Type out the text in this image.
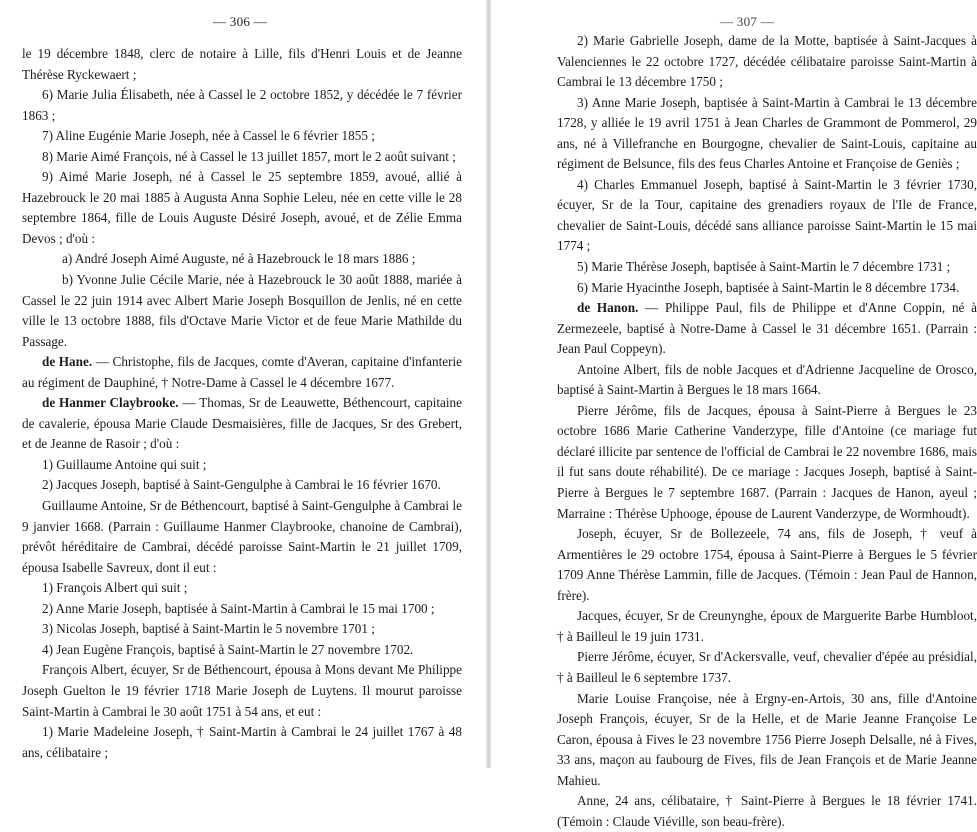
— 306 —

le 19 décembre 1848, clerc de notaire à Lille, fils d'Henri Louis et de Jeanne Thérèse Ryckewaert ;

6) Marie Julia Élisabeth, née à Cassel le 2 octobre 1852, y décédée le 7 février 1863 ;

7) Aline Eugénie Marie Joseph, née à Cassel le 6 février 1855 ;

8) Marie Aimé François, né à Cassel le 13 juillet 1857, mort le 2 août suivant ;

9) Aimé Marie Joseph, né à Cassel le 25 septembre 1859, avoué, allié à Hazebrouck le 20 mai 1885 à Augusta Anna Sophie Leleu, née en cette ville le 28 septembre 1864, fille de Louis Auguste Désiré Joseph, avoué, et de Zélie Emma Devos ; d'où :

a) André Joseph Aimé Auguste, né à Hazebrouck le 18 mars 1886 ;

b) Yvonne Julie Cécile Marie, née à Hazebrouck le 30 août 1888, mariée à Cassel le 22 juin 1914 avec Albert Marie Joseph Bosquillon de Jenlis, né en cette ville le 13 octobre 1888, fils d'Octave Marie Victor et de feue Marie Mathilde du Passage.

de Hane. — Christophe, fils de Jacques, comte d'Averan, capitaine d'infanterie au régiment de Dauphiné, † Notre-Dame à Cassel le 4 décembre 1677.

de Hanmer Claybrooke. — Thomas, Sr de Leauwette, Béthencourt, capitaine de cavalerie, épousa Marie Claude Desmaisières, fille de Jacques, Sr des Grebert, et de Jeanne de Rasoir ; d'où :

1) Guillaume Antoine qui suit ;

2) Jacques Joseph, baptisé à Saint-Gengulphe à Cambrai le 16 février 1670.

Guillaume Antoine, Sr de Béthencourt, baptisé à Saint-Gengulphe à Cambrai le 9 janvier 1668. (Parrain : Guillaume Hanmer Claybrooke, chanoine de Cambrai), prévôt héréditaire de Cambrai, décédé paroisse Saint-Martin le 21 juillet 1709, épousa Isabelle Savreux, dont il eut :

1) François Albert qui suit ;

2) Anne Marie Joseph, baptisée à Saint-Martin à Cambrai le 15 mai 1700 ;

3) Nicolas Joseph, baptisé à Saint-Martin le 5 novembre 1701 ;

4) Jean Eugène François, baptisé à Saint-Martin le 27 novembre 1702.

François Albert, écuyer, Sr de Béthencourt, épousa à Mons devant Me Philippe Joseph Guelton le 19 février 1718 Marie Joseph de Luytens. Il mourut paroisse Saint-Martin à Cambrai le 30 août 1751 à 54 ans, et eut :

1) Marie Madeleine Joseph, † Saint-Martin à Cambrai le 24 juillet 1767 à 48 ans, célibataire ;

— 307 —

2) Marie Gabrielle Joseph, dame de la Motte, baptisée à Saint-Jacques à Valenciennes le 22 octobre 1727, décédée célibataire paroisse Saint-Martin à Cambrai le 13 décembre 1750 ;

3) Anne Marie Joseph, baptisée à Saint-Martin à Cambrai le 13 décembre 1728, y alliée le 19 avril 1751 à Jean Charles de Grammont de Pommerol, 29 ans, né à Villefranche en Bourgogne, chevalier de Saint-Louis, capitaine au régiment de Belsunce, fils des feus Charles Antoine et Françoise de Geniès ;

4) Charles Emmanuel Joseph, baptisé à Saint-Martin le 3 février 1730, écuyer, Sr de la Tour, capitaine des grenadiers royaux de l'Ile de France, chevalier de Saint-Louis, décédé sans alliance paroisse Saint-Martin le 15 mai 1774 ;

5) Marie Thérèse Joseph, baptisée à Saint-Martin le 7 décembre 1731 ;

6) Marie Hyacinthe Joseph, baptisée à Saint-Martin le 8 décembre 1734.

de Hanon. — Philippe Paul, fils de Philippe et d'Anne Coppin, né à Zermezeele, baptisé à Notre-Dame à Cassel le 31 décembre 1651. (Parrain : Jean Paul Coppeyn).

Antoine Albert, fils de noble Jacques et d'Adrienne Jacqueline de Orosco, baptisé à Saint-Martin à Bergues le 18 mars 1664.

Pierre Jérôme, fils de Jacques, épousa à Saint-Pierre à Bergues le 23 octobre 1686 Marie Catherine Vanderzype, fille d'Antoine (ce mariage fut déclaré illicite par sentence de l'official de Cambrai le 22 novembre 1686, mais il fut sans doute réhabilité). De ce mariage : Jacques Joseph, baptisé à Saint-Pierre à Bergues le 7 septembre 1687. (Parrain : Jacques de Hanon, ayeul ; Marraine : Thérèse Uphooge, épouse de Laurent Vanderzype, de Wormhoudt).

Joseph, écuyer, Sr de Bollezeele, 74 ans, fils de Joseph, † veuf à Armentières le 29 octobre 1754, épousa à Saint-Pierre à Bergues le 5 février 1709 Anne Thérèse Lammin, fille de Jacques. (Témoin : Jean Paul de Hannon, frère).

Jacques, écuyer, Sr de Creunynghe, époux de Marguerite Barbe Humbloot, † à Bailleul le 19 juin 1731.

Pierre Jérôme, écuyer, Sr d'Ackersvalle, veuf, chevalier d'épée au présidial, † à Bailleul le 6 septembre 1737.

Marie Louise Françoise, née à Ergny-en-Artois, 30 ans, fille d'Antoine Joseph François, écuyer, Sr de la Helle, et de Marie Jeanne Françoise Le Caron, épousa à Fives le 23 novembre 1756 Pierre Joseph Delsalle, né à Fives, 33 ans, maçon au faubourg de Fives, fils de Jean François et de Marie Jeanne Mahieu.

Anne, 24 ans, célibataire, † Saint-Pierre à Bergues le 18 février 1741. (Témoin : Claude Viéville, son beau-frère).
